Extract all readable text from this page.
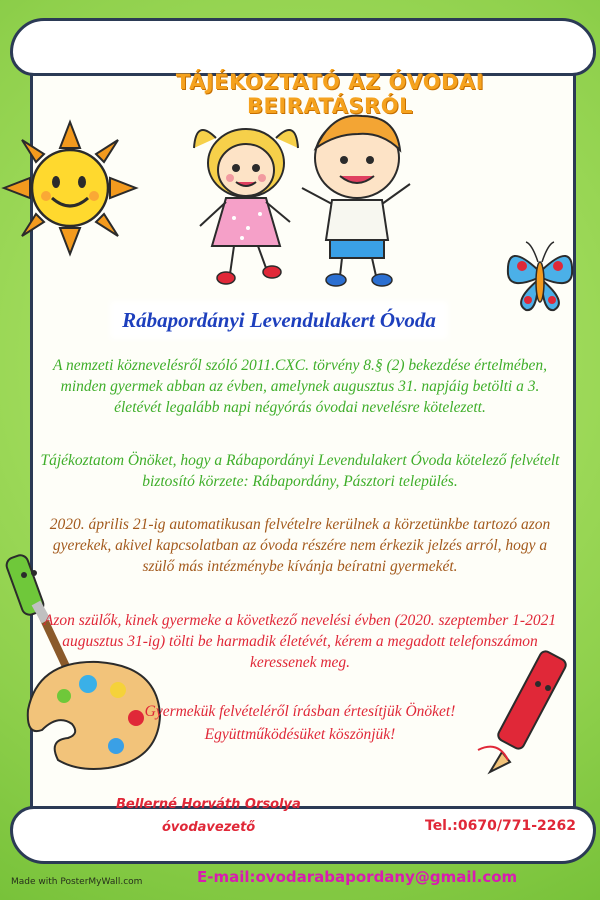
TÁJÉKOZTATÓ AZ ÓVODAI BEIRATÁSRÓL
Rábapordányi Levendulakert Óvoda
A nemzeti köznevelésről szóló 2011.CXC. törvény 8.§ (2) bekezdése értelmében, minden gyermek abban az évben, amelynek augusztus 31. napjáig betölti a 3. életévét legalább napi négyórás óvodai nevelésre kötelezett.
Tájékoztatom Önöket, hogy a Rábapordányi Levendulakert Óvoda kötelező felvételt biztosító körzete: Rábapordány, Pásztori település.
2020. április 21-ig automatikusan felvételre kerülnek a körzetünkbe tartozó azon gyerekek, akivel kapcsolatban az óvoda részére nem érkezik jelzés arról, hogy a szülő más intézménybe kívánja beíratni gyermekét.
Azon szülők, kinek gyermeke a következő nevelési évben (2020. szeptember 1-2021 augusztus 31-ig) tölti be harmadik életévét, kérem a megadott telefonszámon keressenek meg.
Gyermekük felvételéről írásban értesítjük Önöket!
Együttműködésüket köszönjük!
Bellerné Horváth Orsolya
óvodavezető	Tel.:0670/771-2262
E-mail:ovodarabapordany@gmail.com
Made with PosterMyWall.com
